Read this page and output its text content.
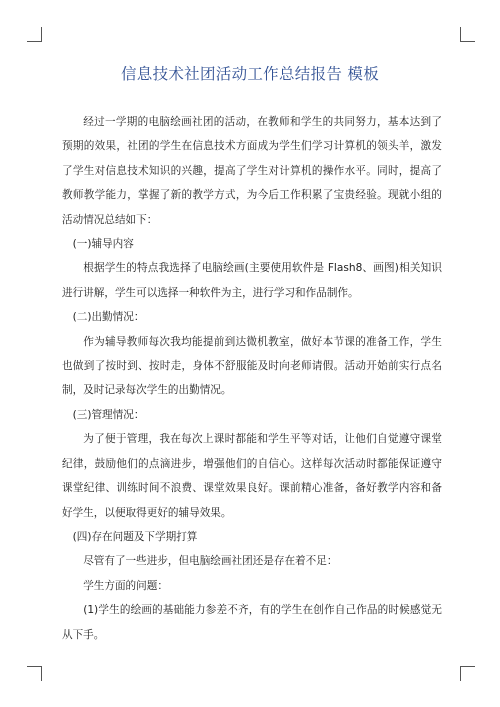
信息技术社团活动工作总结报告 模板

经过一学期的电脑绘画社团的活动，在教师和学生的共同努力，基本达到了预期的效果，社团的学生在信息技术方面成为学生们学习计算机的领头羊，激发了学生对信息技术知识的兴趣，提高了学生对计算机的操作水平。同时，提高了教师教学能力，掌握了新的教学方式，为今后工作积累了宝贵经验。现就小组的活动情况总结如下：

(一)辅导内容

根据学生的特点我选择了电脑绘画(主要使用软件是 Flash8、画图)相关知识进行讲解，学生可以选择一种软件为主，进行学习和作品制作。

(二)出勤情况：

作为辅导教师每次我均能提前到达微机教室，做好本节课的准备工作，学生也做到了按时到、按时走，身体不舒服能及时向老师请假。活动开始前实行点名制，及时记录每次学生的出勤情况。

(三)管理情况：

为了便于管理，我在每次上课时都能和学生平等对话，让他们自觉遵守课堂纪律，鼓励他们的点滴进步，增强他们的自信心。这样每次活动时都能保证遵守课堂纪律、训练时间不浪费、课堂效果良好。课前精心准备，备好教学内容和备好学生，以便取得更好的辅导效果。

(四)存在问题及下学期打算

尽管有了一些进步，但电脑绘画社团还是存在着不足：

学生方面的问题：

(1)学生的绘画的基础能力参差不齐，有的学生在创作自己作品的时候感觉无从下手。
